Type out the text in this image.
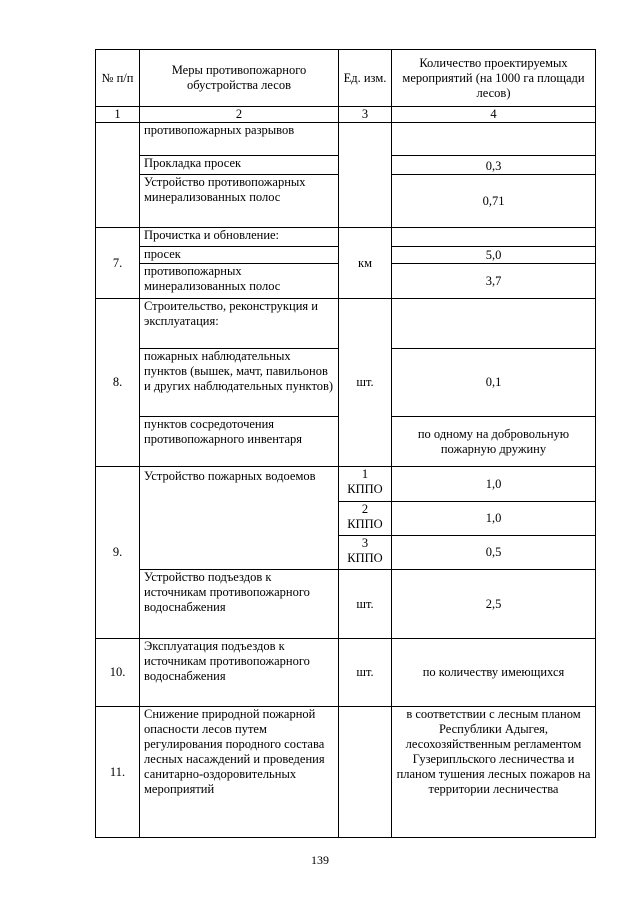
№ п/п	Меры противопожарного обустройства лесов	Ед. изм.	Количество проектируемых мероприятий (на 1000 га площади лесов)
1	2	3	4
	противопожарных разрывов		
	Прокладка просек		0,3
	Устройство противопожарных минерализованных полос		0,71
7.	Прочистка и обновление:	км	
	просек		5,0
	противопожарных минерализованных полос		3,7
8.	Строительство, реконструкция и эксплуатация:	шт.	
	пожарных наблюдательных пунктов (вышек, мачт, павильонов и других наблюдательных пунктов)		0,1
	пунктов сосредоточения противопожарного инвентаря		по одному на добровольную пожарную дружину
9.	Устройство пожарных водоемов	1 КППО	1,0
		2 КППО	1,0
		3 КППО	0,5
	Устройство подъездов к источникам противопожарного водоснабжения	шт.	2,5
10.	Эксплуатация подъездов к источникам противопожарного водоснабжения	шт.	по количеству имеющихся
11.	Снижение природной пожарной опасности лесов путем регулирования породного состава лесных насаждений и проведения санитарно-оздоровительных мероприятий		в соответствии с лесным планом Республики Адыгея, лесохозяйственным регламентом Гузерипльского лесничества и планом тушения лесных пожаров на территории лесничества
139
